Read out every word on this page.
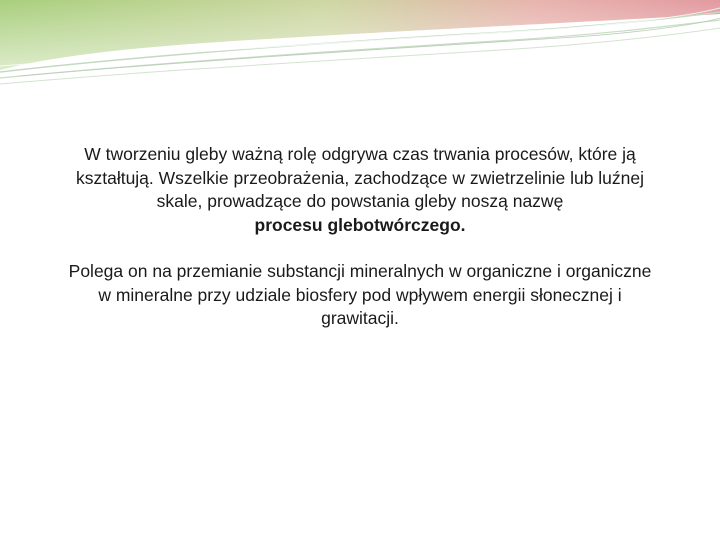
W tworzeniu gleby ważną rolę odgrywa czas trwania procesów, które ją kształtują. Wszelkie przeobrażenia, zachodzące w zwietrzelinie lub luźnej skale, prowadzące do powstania gleby noszą nazwę
procesu glebotwórczego.

Polega on na przemianie substancji mineralnych w organiczne i organiczne w mineralne przy udziale biosfery pod wpływem energii słonecznej i grawitacji.
